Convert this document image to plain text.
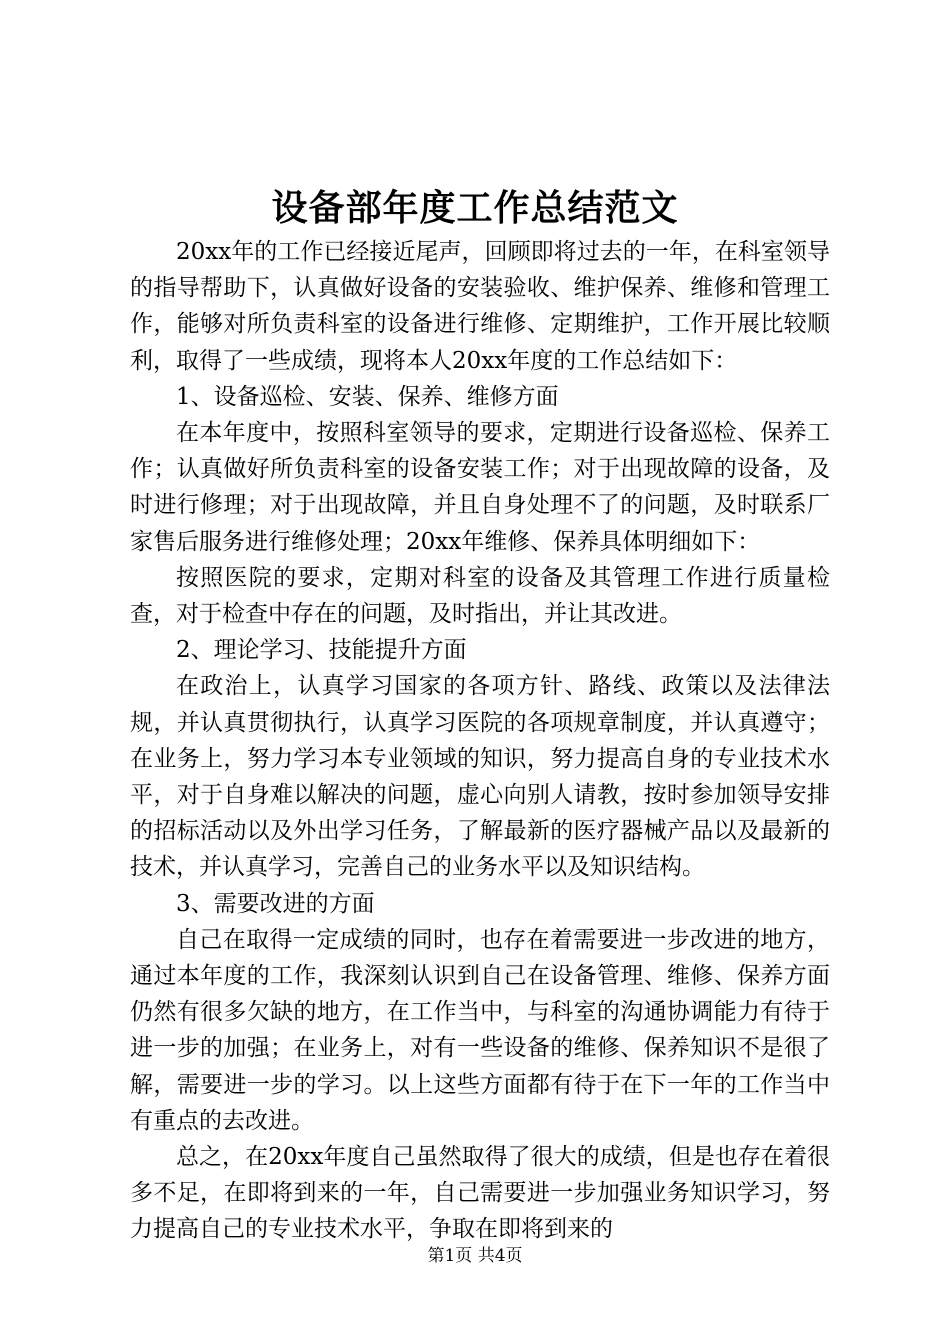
设备部年度工作总结范文

20xx年的工作已经接近尾声，回顾即将过去的一年，在科室领导的指导帮助下，认真做好设备的安装验收、维护保养、维修和管理工作，能够对所负责科室的设备进行维修、定期维护，工作开展比较顺利，取得了一些成绩，现将本人20xx年度的工作总结如下：

1、设备巡检、安装、保养、维修方面

在本年度中，按照科室领导的要求，定期进行设备巡检、保养工作；认真做好所负责科室的设备安装工作；对于出现故障的设备，及时进行修理；对于出现故障，并且自身处理不了的问题，及时联系厂家售后服务进行维修处理；20xx年维修、保养具体明细如下：

按照医院的要求，定期对科室的设备及其管理工作进行质量检查，对于检查中存在的问题，及时指出，并让其改进。

2、理论学习、技能提升方面

在政治上，认真学习国家的各项方针、路线、政策以及法律法规，并认真贯彻执行，认真学习医院的各项规章制度，并认真遵守；在业务上，努力学习本专业领域的知识，努力提高自身的专业技术水平，对于自身难以解决的问题，虚心向别人请教，按时参加领导安排的招标活动以及外出学习任务，了解最新的医疗器械产品以及最新的技术，并认真学习，完善自己的业务水平以及知识结构。

3、需要改进的方面

自己在取得一定成绩的同时，也存在着需要进一步改进的地方，通过本年度的工作，我深刻认识到自己在设备管理、维修、保养方面仍然有很多欠缺的地方，在工作当中，与科室的沟通协调能力有待于进一步的加强；在业务上，对有一些设备的维修、保养知识不是很了解，需要进一步的学习。以上这些方面都有待于在下一年的工作当中有重点的去改进。

总之，在20xx年度自己虽然取得了很大的成绩，但是也存在着很多不足，在即将到来的一年，自己需要进一步加强业务知识学习，努力提高自己的专业技术水平，争取在即将到来的

第1页 共4页
